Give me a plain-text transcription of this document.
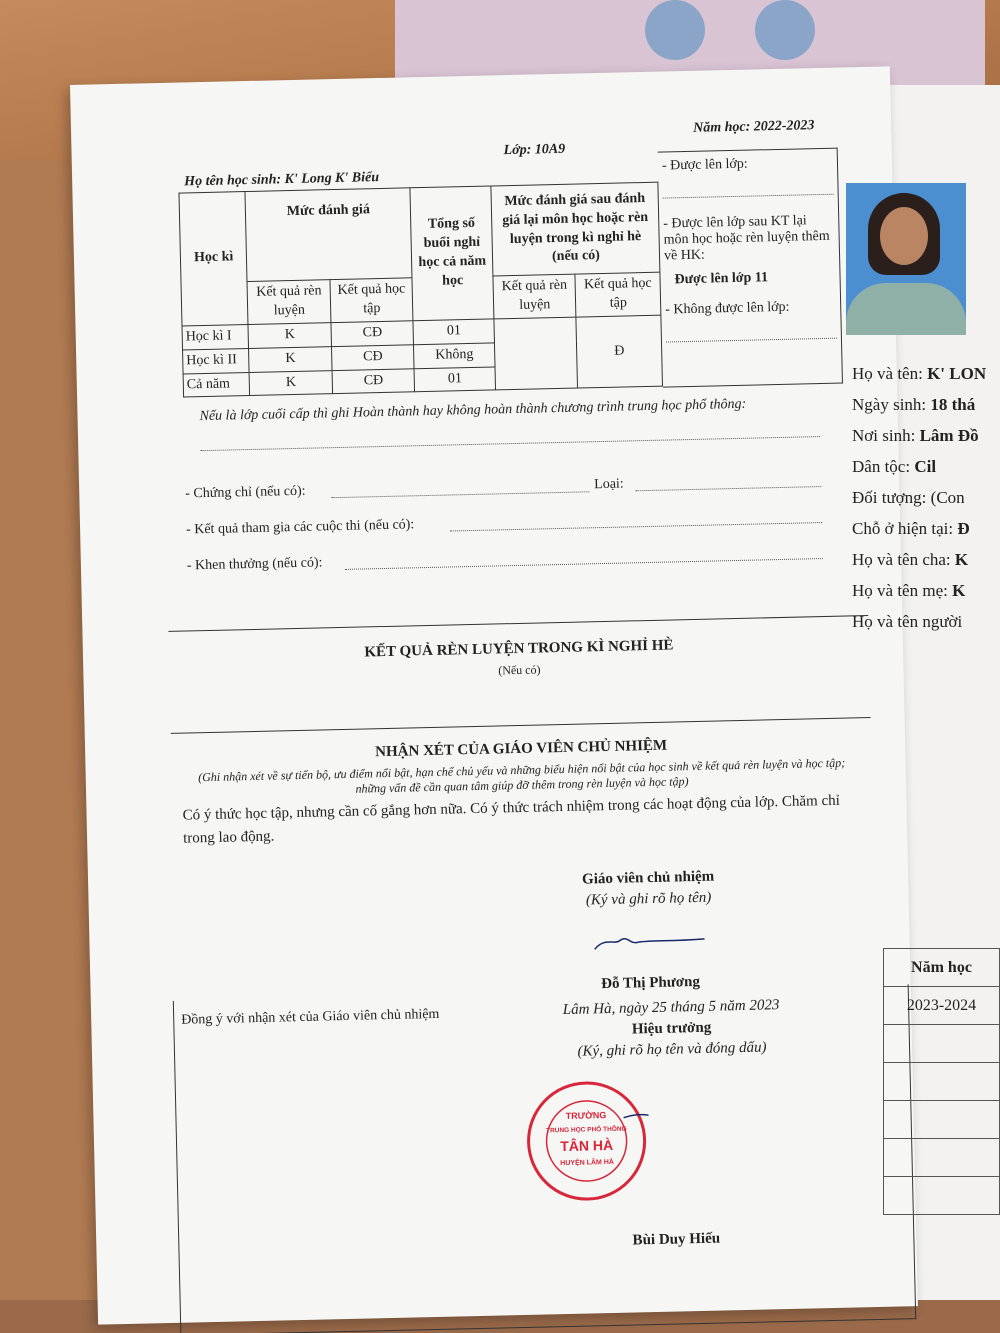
Họ tên học sinh: K' Long K' Biểu
Lớp: 10A9
Năm học: 2022-2023
Học kì	Mức đánh giá		Tổng số buổi nghỉ học cả năm học	Mức đánh giá sau đánh giá lại môn học hoặc rèn luyện trong kì nghỉ hè (nếu có)	
	Kết quả rèn luyện	Kết quả học tập		Kết quả rèn luyện	Kết quả học tập
Học kì I	K	CĐ	01		Đ
Học kì II	K	CĐ	Không		
Cả năm	K	CĐ	01		
- Được lên lớp:
- Được lên lớp sau KT lại môn học hoặc rèn luyện thêm về HK:
Được lên lớp 11
- Không được lên lớp:
Nếu là lớp cuối cấp thì ghi Hoàn thành hay không hoàn thành chương trình trung học phổ thông:
- Chứng chỉ (nếu có):	Loại:
- Kết quả tham gia các cuộc thi (nếu có):
- Khen thưởng (nếu có):
KẾT QUẢ RÈN LUYỆN TRONG KÌ NGHỈ HÈ
(Nếu có)
NHẬN XÉT CỦA GIÁO VIÊN CHỦ NHIỆM
(Ghi nhận xét về sự tiến bộ, ưu điểm nổi bật, hạn chế chủ yếu và những biểu hiện nổi bật của học sinh về kết quả rèn luyện và học tập; những vấn đề cần quan tâm giúp đỡ thêm trong rèn luyện và học tập)
Có ý thức học tập, nhưng cần cố gắng hơn nữa. Có ý thức trách nhiệm trong các hoạt động của lớp. Chăm chỉ trong lao động.
Giáo viên chủ nhiệm
(Ký và ghi rõ họ tên)
Đỗ Thị Phương
Đồng ý với nhận xét của Giáo viên chủ nhiệm	Lâm Hà, ngày 25 tháng 5 năm 2023
Hiệu trưởng
(Ký, ghi rõ họ tên và đóng dấu)
TRƯỜNG
TRUNG HỌC PHỔ THÔNG
TÂN HÀ
HUYỆN LÂM HÀ
Bùi Duy Hiếu
Họ và tên: K' LON
Ngày sinh: 18 thá
Nơi sinh: Lâm Đồ
Dân tộc: Cil
Đối tượng: (Con
Chỗ ở hiện tại: Đ
Họ và tên cha: K
Họ và tên mẹ: K
Họ và tên người
Năm học
2023-2024
